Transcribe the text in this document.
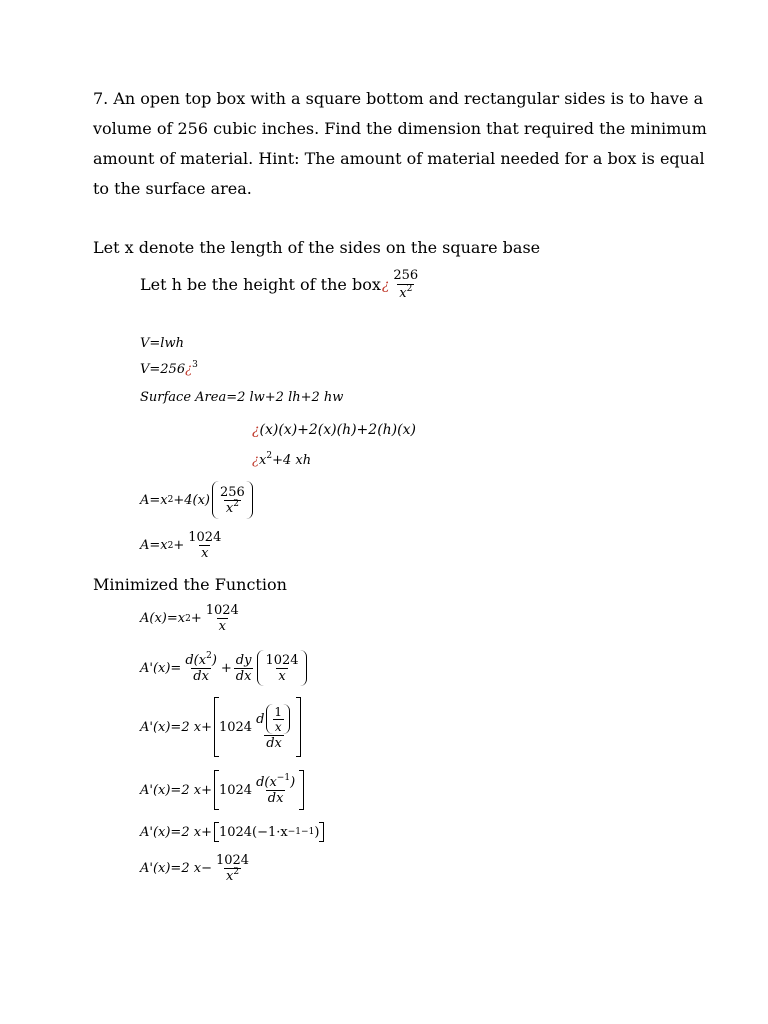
7. An open top box with a square bottom and rectangular sides is to have a
volume of 256 cubic inches. Find the dimension that required the minimum
amount of material. Hint: The amount of material needed for a box is equal
to the surface area.

Let x denote the length of the sides on the square base

Let h be the height of the box ¿ $\frac{256}{x^2}$
V=lwh
V=256¿$^3$
Surface Area=2 lw+2 lh+2 hw
¿(x)(x)+2(x)(h)+2(h)(x)
¿$x^2+4$ xh
A=x $2 +4(x) \frac{256}{x^2}$
A=x $2 + \frac{1024}{x}$

Minimized the Function

A(x)=x $2 + \frac{1024}{x}$
$A'(x)= \frac{d(x^2)}{dx} + \frac{dy}{dx} \frac{1024}{x}$
A'(x)=2 $x+ 1024 \frac{d \frac{1}{x}}{dx}$
A'(x)=2 $x+ 1024 \frac{d(x^{-1})}{dx}$
A'(x)=2 x+ 1024(−1·x −1−1 )
A'(x)=2 $x- \frac{1024}{x^2}$
